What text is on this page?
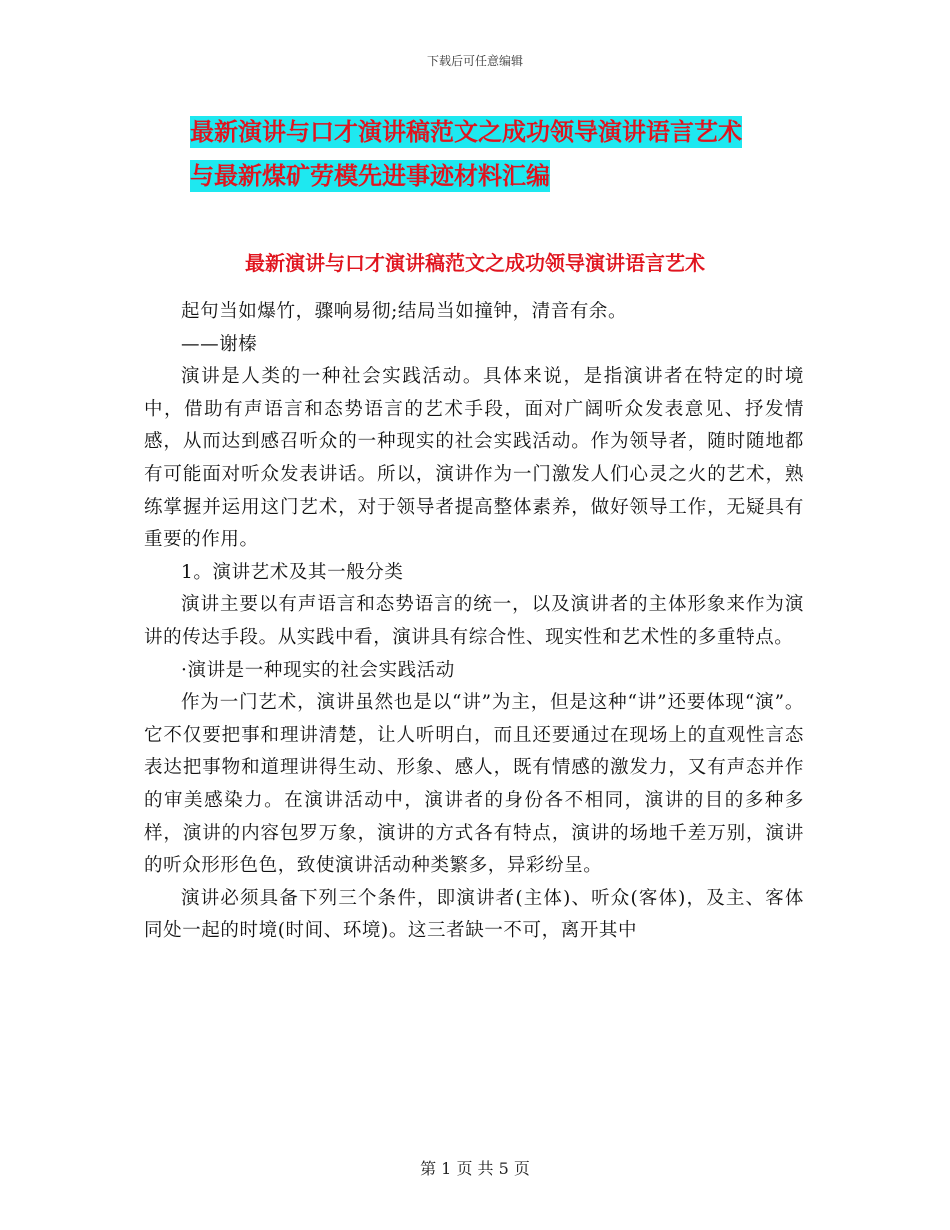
下载后可任意编辑
最新演讲与口才演讲稿范文之成功领导演讲语言艺术
与最新煤矿劳模先进事迹材料汇编
最新演讲与口才演讲稿范文之成功领导演讲语言艺术

起句当如爆竹，骤响易彻;结局当如撞钟，清音有余。

——谢榛

演讲是人类的一种社会实践活动。具体来说，是指演讲者在特定的时境中，借助有声语言和态势语言的艺术手段，面对广阔听众发表意见、抒发情感，从而达到感召听众的一种现实的社会实践活动。作为领导者，随时随地都有可能面对听众发表讲话。所以，演讲作为一门激发人们心灵之火的艺术，熟练掌握并运用这门艺术，对于领导者提高整体素养，做好领导工作，无疑具有重要的作用。

1。演讲艺术及其一般分类

演讲主要以有声语言和态势语言的统一，以及演讲者的主体形象来作为演讲的传达手段。从实践中看，演讲具有综合性、现实性和艺术性的多重特点。

·演讲是一种现实的社会实践活动

作为一门艺术，演讲虽然也是以“讲”为主，但是这种“讲”还要体现“演”。它不仅要把事和理讲清楚，让人听明白，而且还要通过在现场上的直观性言态表达把事物和道理讲得生动、形象、感人，既有情感的激发力，又有声态并作的审美感染力。在演讲活动中，演讲者的身份各不相同，演讲的目的多种多样，演讲的内容包罗万象，演讲的方式各有特点，演讲的场地千差万别，演讲的听众形形色色，致使演讲活动种类繁多，异彩纷呈。

演讲必须具备下列三个条件，即演讲者(主体)、听众(客体)，及主、客体同处一起的时境(时间、环境)。这三者缺一不可，离开其中

第 1 页 共 5 页
